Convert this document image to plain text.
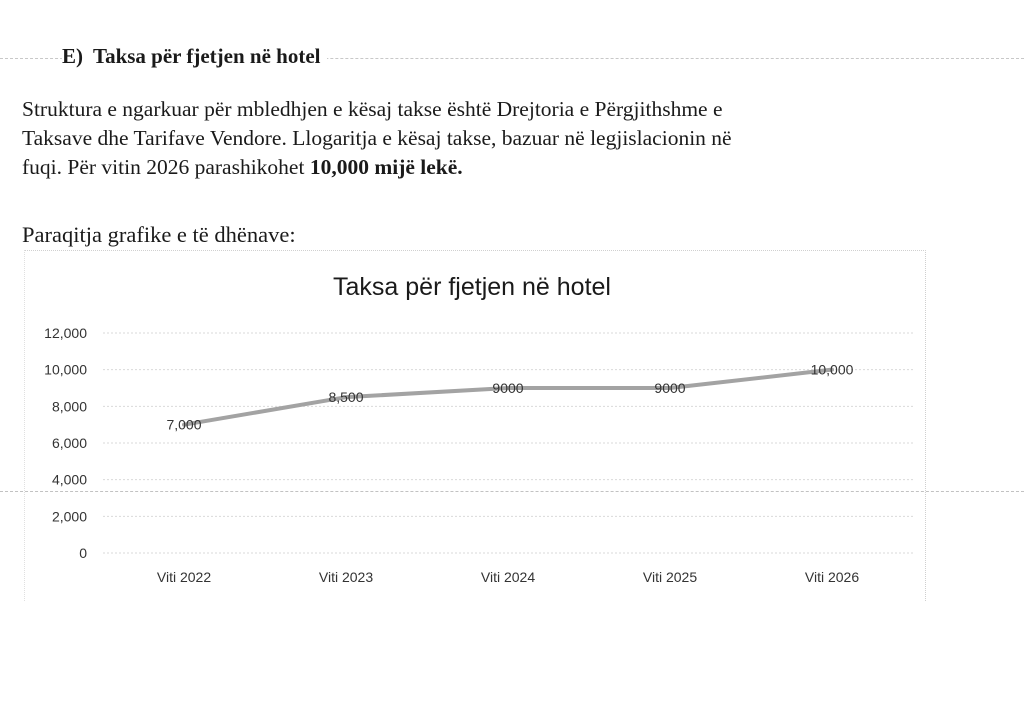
E) Taksa për fjetjen në hotel

Struktura e ngarkuar për mbledhjen e kësaj takse është Drejtoria e Përgjithshme e
Taksave dhe Tarifave Vendore. Llogaritja e kësaj takse, bazuar në legjislacionin në
fuqi. Për vitin 2026 parashikohet 10,000 mijë lekë.

Paraqitja grafike e të dhënave:

Taksa për fjetjen në hotel
0
2,000
4,000
6,000
8,000
10,000
12,000
7,000
8,500
9000	9000
10,000
Viti 2022	Viti 2023	Viti 2024	Viti 2025	Viti 2026
